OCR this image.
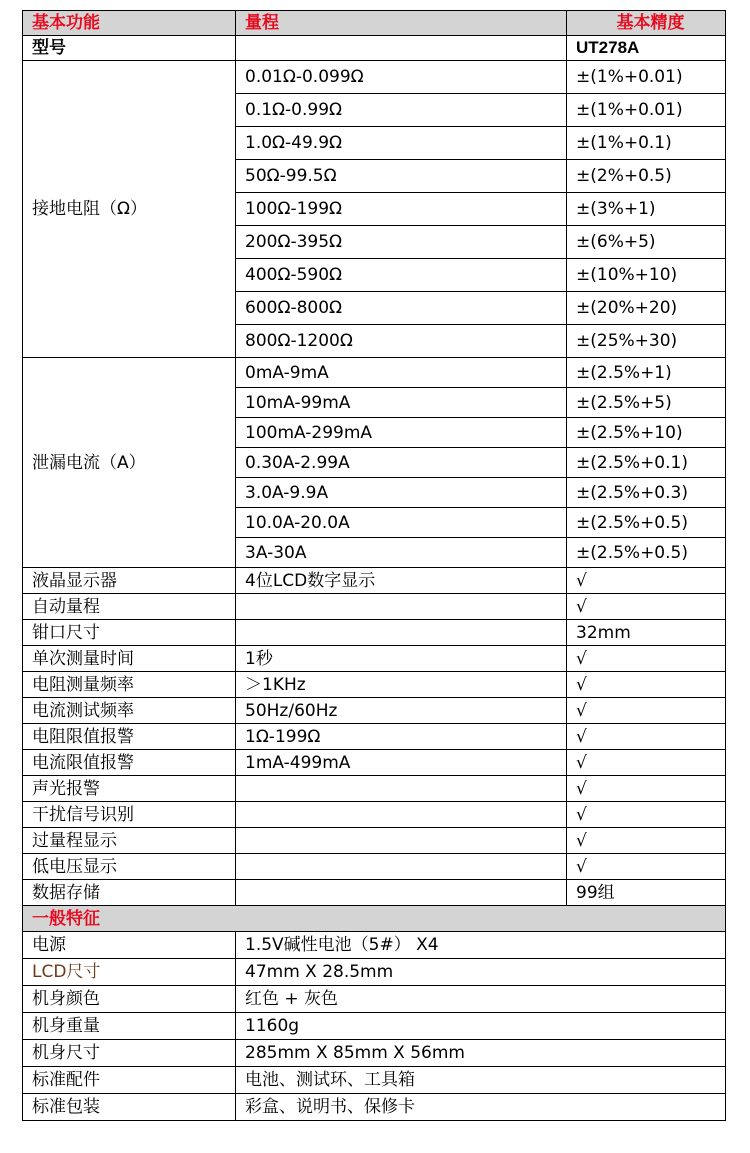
基本功能	量程	基本精度
型号		UT278A
接地电阻（Ω）	0.01Ω-0.099Ω	±(1%+0.01)
	0.1Ω-0.99Ω	±(1%+0.01)
	1.0Ω-49.9Ω	±(1%+0.1)
	50Ω-99.5Ω	±(2%+0.5)
	100Ω-199Ω	±(3%+1)
	200Ω-395Ω	±(6%+5)
	400Ω-590Ω	±(10%+10)
	600Ω-800Ω	±(20%+20)
	800Ω-1200Ω	±(25%+30)
泄漏电流（A）	0mA-9mA	±(2.5%+1)
	10mA-99mA	±(2.5%+5)
	100mA-299mA	±(2.5%+10)
	0.30A-2.99A	±(2.5%+0.1)
	3.0A-9.9A	±(2.5%+0.3)
	10.0A-20.0A	±(2.5%+0.5)
	3A-30A	±(2.5%+0.5)
液晶显示器	4位LCD数字显示	√
自动量程		√
钳口尺寸		32mm
单次测量时间	1秒	√
电阻测量频率	＞1KHz	√
电流测试频率	50Hz/60Hz	√
电阻限值报警	1Ω-199Ω	√
电流限值报警	1mA-499mA	√
声光报警		√
干扰信号识别		√
过量程显示		√
低电压显示		√
数据存储		99组
一般特征		
电源	1.5V碱性电池（5#） X4	
LCD尺寸	47mm X 28.5mm	
机身颜色	红色 + 灰色	
机身重量	1160g	
机身尺寸	285mm X 85mm X 56mm	
标准配件	电池、测试环、工具箱	
标准包装	彩盒、说明书、保修卡	
